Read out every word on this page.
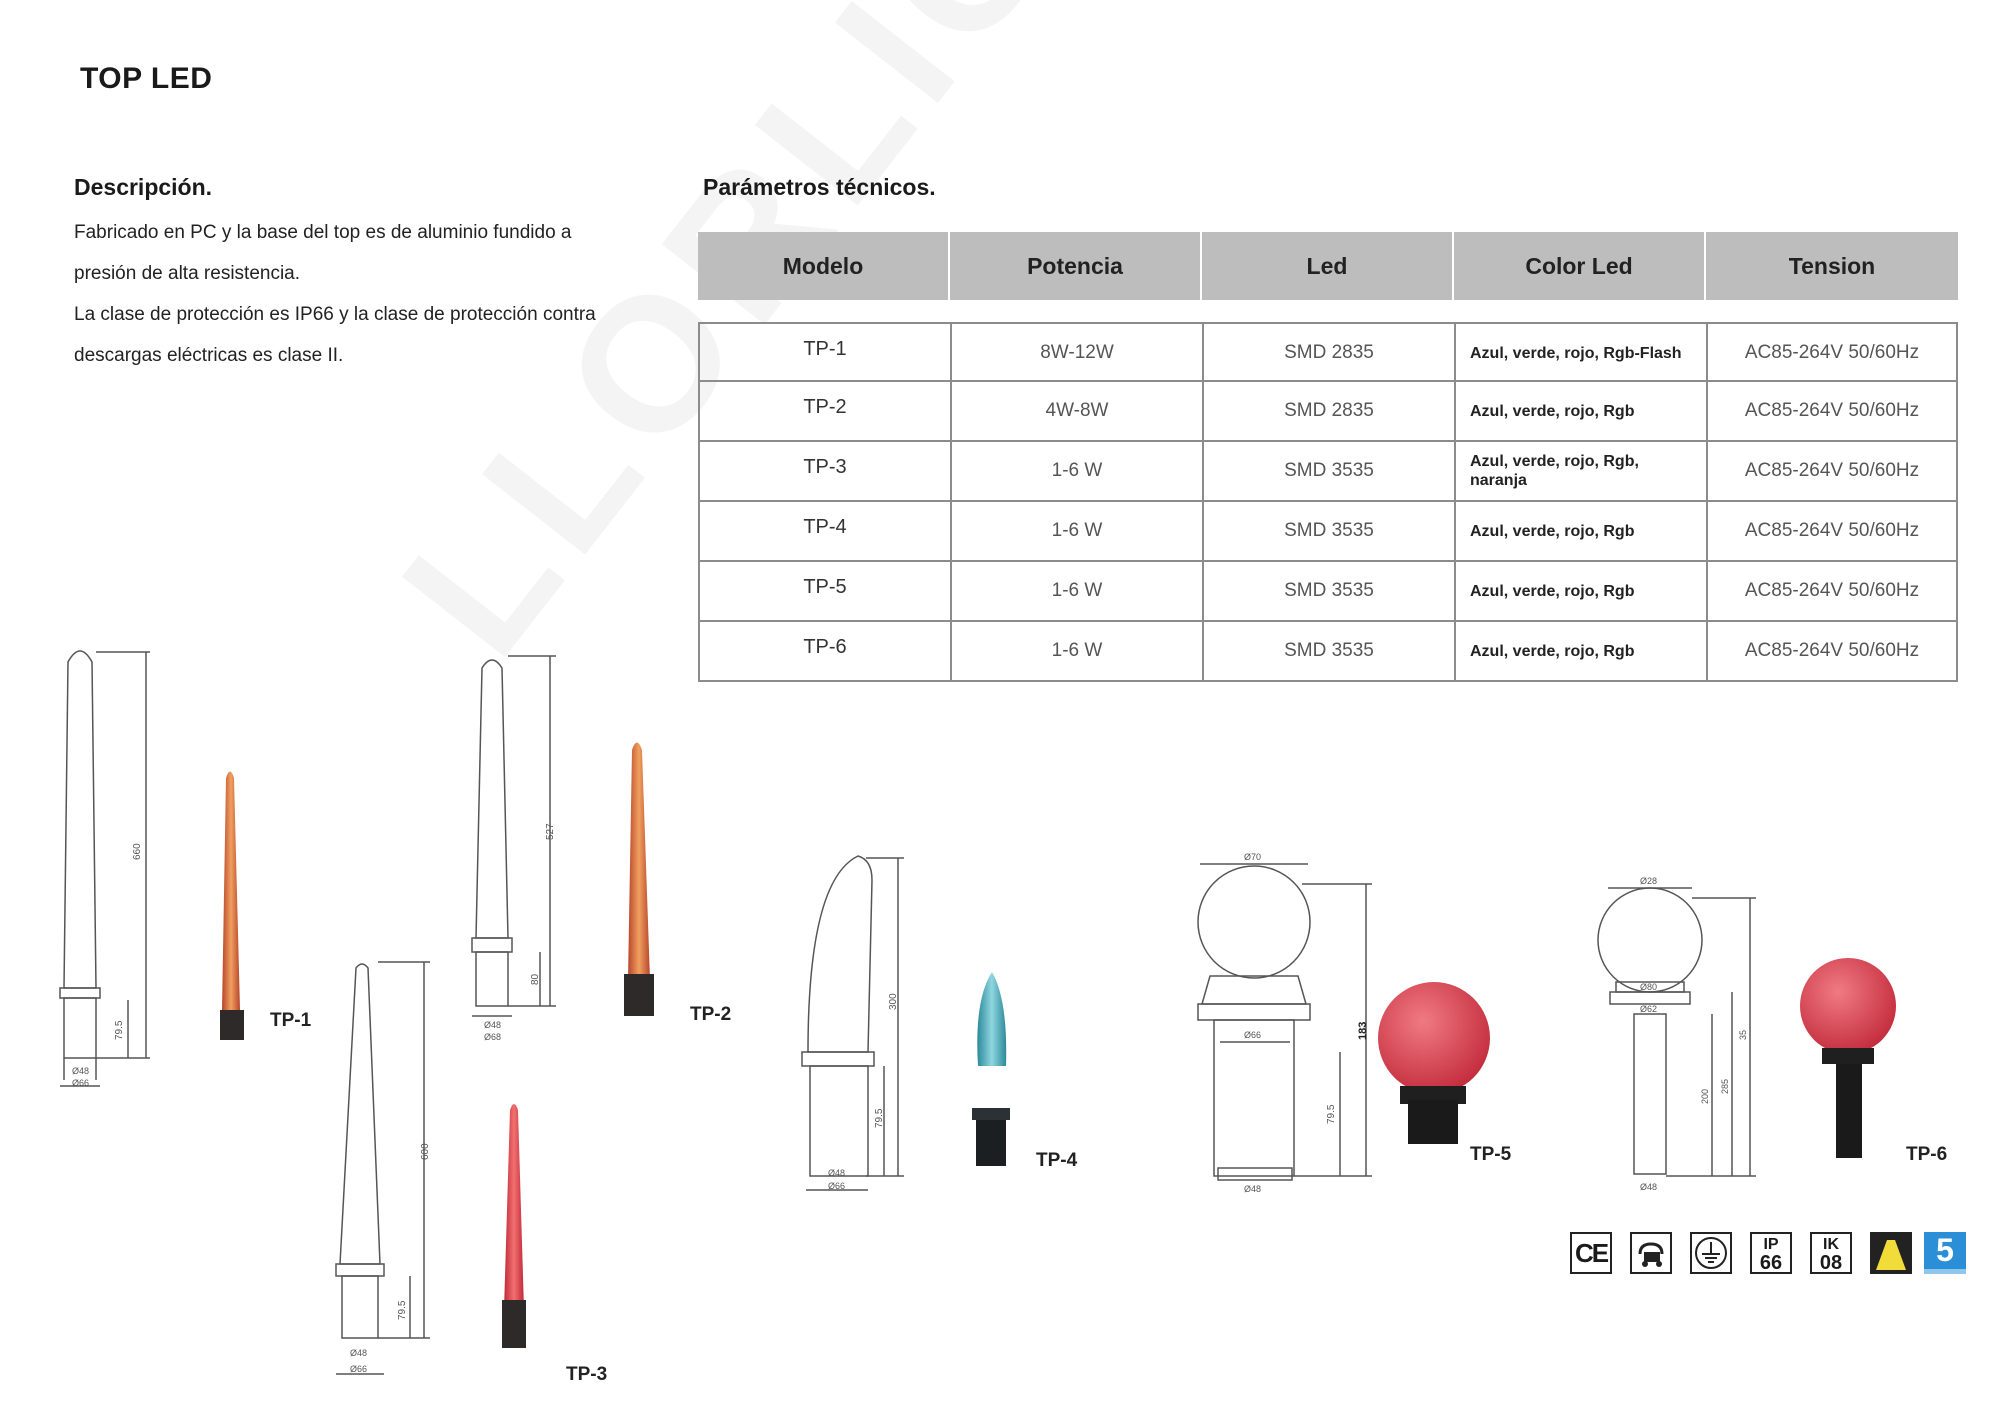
TOP LED
Descripción.
Fabricado en PC y la base del top es de aluminio fundido a
presión de alta resistencia.
La clase de protección es IP66 y la clase de protección contra
descargas eléctricas es clase II.
Parámetros técnicos.
Modelo	Potencia	Led	Color Led	Tension
TP-1	8W-12W	SMD 2835	Azul, verde, rojo, Rgb-Flash	AC85-264V 50/60Hz
TP-2	4W-8W	SMD 2835	Azul, verde, rojo, Rgb	AC85-264V 50/60Hz
TP-3	1-6 W	SMD 3535	Azul, verde, rojo, Rgb, naranja	AC85-264V 50/60Hz
TP-4	1-6 W	SMD 3535	Azul, verde, rojo, Rgb	AC85-264V 50/60Hz
TP-5	1-6 W	SMD 3535	Azul, verde, rojo, Rgb	AC85-264V 50/60Hz
TP-6	1-6 W	SMD 3535	Azul, verde, rojo, Rgb	AC85-264V 50/60Hz
660
79.5
Ø48
Ø66
527
80
Ø48
Ø68
600
79.5
Ø48
Ø66
300
79.5
Ø48
Ø66
Ø70
183
79.5
Ø66
Ø48
Ø28
Ø80
Ø62
Ø48
200
285
35
TP-1	TP-2
TP-3
TP-4	TP-5	TP-6
CE	IP
66
IK
08	5
